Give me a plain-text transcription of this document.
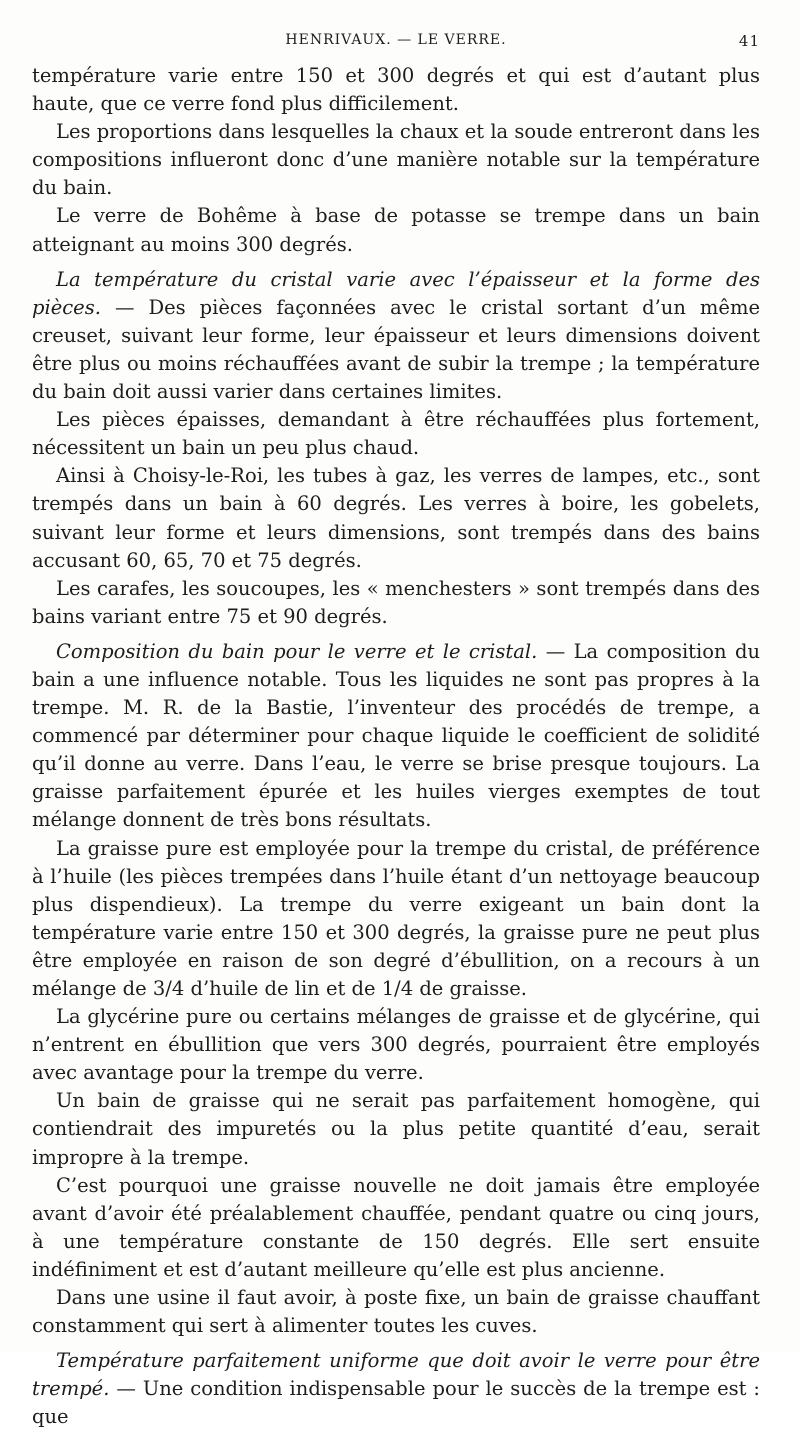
HENRIVAUX. — LE VERRE.	41

température varie entre 150 et 300 degrés et qui est d’autant plus haute, que ce verre fond plus difficilement.

Les proportions dans lesquelles la chaux et la soude entreront dans les compositions influeront donc d’une manière notable sur la température du bain.

Le verre de Bohême à base de potasse se trempe dans un bain atteignant au moins 300 degrés.

La température du cristal varie avec l’épaisseur et la forme des pièces. — Des pièces façonnées avec le cristal sortant d’un même creuset, suivant leur forme, leur épaisseur et leurs dimensions doivent être plus ou moins réchauffées avant de subir la trempe ; la température du bain doit aussi varier dans certaines limites.

Les pièces épaisses, demandant à être réchauffées plus fortement, nécessitent un bain un peu plus chaud.

Ainsi à Choisy-le-Roi, les tubes à gaz, les verres de lampes, etc., sont trempés dans un bain à 60 degrés. Les verres à boire, les gobelets, suivant leur forme et leurs dimensions, sont trempés dans des bains accusant 60, 65, 70 et 75 degrés.

Les carafes, les soucoupes, les « menchesters » sont trempés dans des bains variant entre 75 et 90 degrés.

Composition du bain pour le verre et le cristal. — La composition du bain a une influence notable. Tous les liquides ne sont pas propres à la trempe. M. R. de la Bastie, l’inventeur des procédés de trempe, a commencé par déterminer pour chaque liquide le coefficient de solidité qu’il donne au verre. Dans l’eau, le verre se brise presque toujours. La graisse parfaitement épurée et les huiles vierges exemptes de tout mélange donnent de très bons résultats.

La graisse pure est employée pour la trempe du cristal, de préférence à l’huile (les pièces trempées dans l’huile étant d’un nettoyage beaucoup plus dispendieux). La trempe du verre exigeant un bain dont la température varie entre 150 et 300 degrés, la graisse pure ne peut plus être employée en raison de son degré d’ébullition, on a recours à un mélange de 3/4 d’huile de lin et de 1/4 de graisse.

La glycérine pure ou certains mélanges de graisse et de glycérine, qui n’entrent en ébullition que vers 300 degrés, pourraient être employés avec avantage pour la trempe du verre.

Un bain de graisse qui ne serait pas parfaitement homogène, qui contiendrait des impuretés ou la plus petite quantité d’eau, serait impropre à la trempe.

C’est pourquoi une graisse nouvelle ne doit jamais être employée avant d’avoir été préalablement chauffée, pendant quatre ou cinq jours, à une température constante de 150 degrés. Elle sert ensuite indéfiniment et est d’autant meilleure qu’elle est plus ancienne.

Dans une usine il faut avoir, à poste fixe, un bain de graisse chauffant constamment qui sert à alimenter toutes les cuves.

Température parfaitement uniforme que doit avoir le verre pour être trempé. — Une condition indispensable pour le succès de la trempe est : que
